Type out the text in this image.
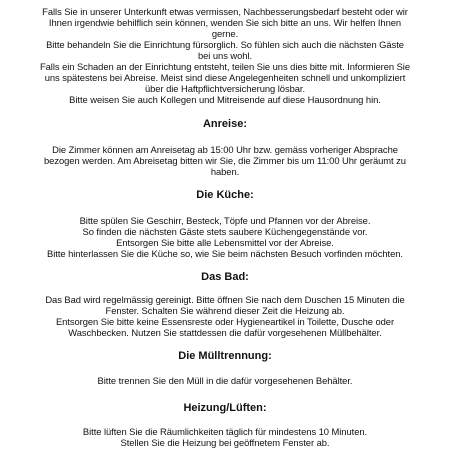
Falls Sie in unserer Unterkunft etwas vermissen, Nachbesserungsbedarf besteht oder wir

Ihnen irgendwie behilflich sein können, wenden Sie sich bitte an uns. Wir helfen Ihnen

gerne.

Bitte behandeln Sie die Einrichtung fürsorglich. So fühlen sich auch die nächsten Gäste

bei uns wohl.

Falls ein Schaden an der Einrichtung entsteht, teilen Sie uns dies bitte mit. Informieren Sie

uns spätestens bei Abreise. Meist sind diese Angelegenheiten schnell und unkompliziert

über die Haftpflichtversicherung lösbar.

Bitte weisen Sie auch Kollegen und Mitreisende auf diese Hausordnung hin.

Anreise:

Die Zimmer können am Anreisetag ab 15:00 Uhr bzw. gemäss vorheriger Absprache

bezogen werden. Am Abreisetag bitten wir Sie, die Zimmer bis um 11:00 Uhr geräumt zu

haben.

Die Küche:

Bitte spülen Sie Geschirr, Besteck, Töpfe und Pfannen vor der Abreise.

So finden die nächsten Gäste stets saubere Küchengegenstände vor.

Entsorgen Sie bitte alle Lebensmittel vor der Abreise.

Bitte hinterlassen Sie die Küche so, wie Sie beim nächsten Besuch vorfinden möchten.

Das Bad:

Das Bad wird regelmässig gereinigt. Bitte öffnen Sie nach dem Duschen 15 Minuten die

Fenster. Schalten Sie während dieser Zeit die Heizung ab.

Entsorgen Sie bitte keine Essensreste oder Hygieneartikel in Toilette, Dusche oder

Waschbecken. Nutzen Sie stattdessen die dafür vorgesehenen Müllbehälter.

Die Mülltrennung:

Bitte trennen Sie den Müll in die dafür vorgesehenen Behälter.

Heizung/Lüften:

Bitte lüften Sie die Räumlichkeiten täglich für mindestens 10 Minuten.

Stellen Sie die Heizung bei geöffnetem Fenster ab.
